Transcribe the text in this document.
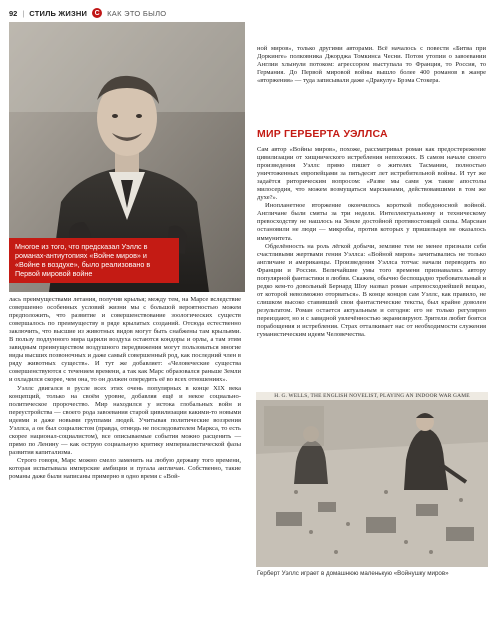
92 | СТИЛЬ ЖИЗНИ	С КАК ЭТО БЫЛО
Многое из того, что предсказал Уэллс в романах-антиутопиях «Войне миров» и «Войне в воздухе», было реализовано в Первой мировой войне

лась преимуществами летания, получив крылья; между тем, на Марсе вследствие совершенно особенных условий жизни мы с большой вероятностью можем предположить, что развитие и совершенствование зоологических существ совершалось по преимуществу в ряде крылатых созданий. Отсюда естественно заключить, что высшие из животных видов могут быть снабжены там крыльями. В пользу подлунного мира царили воздуха остаются кондоры и орлы, а там этим завидным преимуществом воздушного передвижения могут пользоваться многие виды высших позвоночных и даже самый совершенный род, как последний член в ряду животных существ». И тут же добавляет: «Человеческие существа совершенствуются с течением времени, а так как Марс образовался раньше Земли и охладился скорее, чем она, то он должен опередить её во всех отношениях».

Уэллс двигался в русле всех этих очень популярных в конце XIX века концепций, только на своём уровне, добавляя ещё и некое социально-политическое пророчество. Мир находился у истока глобальных войн и переустройства — своего рода завоевания старой цивилизации какими-то новыми идеями и даже новыми группами людей. Учитывая политические воззрения Уэллса, а он был социалистом (правда, отнюдь не последователем Маркса, то есть скорее национал-социалистом), все описываемые события можно расценить — прямо по Ленину — как острую социальную критику империалистической фазы развития капитализма.

Строго говоря, Марс можно смело заменить на любую державу того времени, которая испытывала имперские амбиции и пугала англичан. Собственно, такие романы даже были написаны примерно в одно время с «Вой-

ной миров», только другими авторами. Всё началось с повести «Битва при Доркинге» полковника Джорджа Томкинса Чесни. Потом утопии о завоевании Англии хлынули потоком: агрессором выступала то Франция, то Россия, то Германия. До Первой мировой войны вышло более 400 романов в жанре «вторжения» — туда записывали даже «Дракулу» Брэма Стокера.

МИР ГЕРБЕРТА УЭЛЛСА

Сам автор «Войны миров», похоже, рассматривал роман как предостережение цивилизации от хищнического истребления непохожих. В самом начале своего произведения Уэллс прямо пишет о жителях Тасмании, полностью уничтоженных европейцами за пятьдесят лет истребительной войны. И тут же задаётся риторическим вопросом: «Разве мы сами уж такие апостолы милосердия, что можем возмущаться марсианами, действовавшими в том же духе?».

Инопланетное вторжение окончилось короткой победоносной войной. Англичане были смяты за три недели. Интеллектуальному и техническому превосходству не нашлось на Земле достойной противостоящей силы. Марсиан остановили не люди — микробы, против которых у пришельцев не оказалось иммунитета.

Обделённость на роль лёгкой добычи, земляне тем не менее признали себя счастливыми жертвами гения Уэллса: «Войной миров» зачитывались не только англичане и американцы. Произведения Уэллса тотчас начали переводить во Франции и России. Величайшие умы того времени признавались автору популярной фантастики в любви. Скажем, обычно беспощадно требовательный и редко кем-то довольный Бернард Шоу назвал роман «превосходнейшей вещью, от которой невозможно оторваться». В конце концов сам Уэллс, как правило, не слишком высоко ставивший свои фантастические тексты, был крайне доволен результатом. Роман остается актуальным и сегодня: его не только регулярно переиздают, но и с завидной увлечённостью экранизируют. Зрители любят боятся порабощения и истребления. Страх отталкивает нас от необходимости служения гуманистическим идеям Человечества.

H. G. WELLS, THE ENGLISH NOVELIST, PLAYING AN INDOOR WAR GAME
Герберт Уэллс играет в домашнюю маленькую «Войнушку миров»
